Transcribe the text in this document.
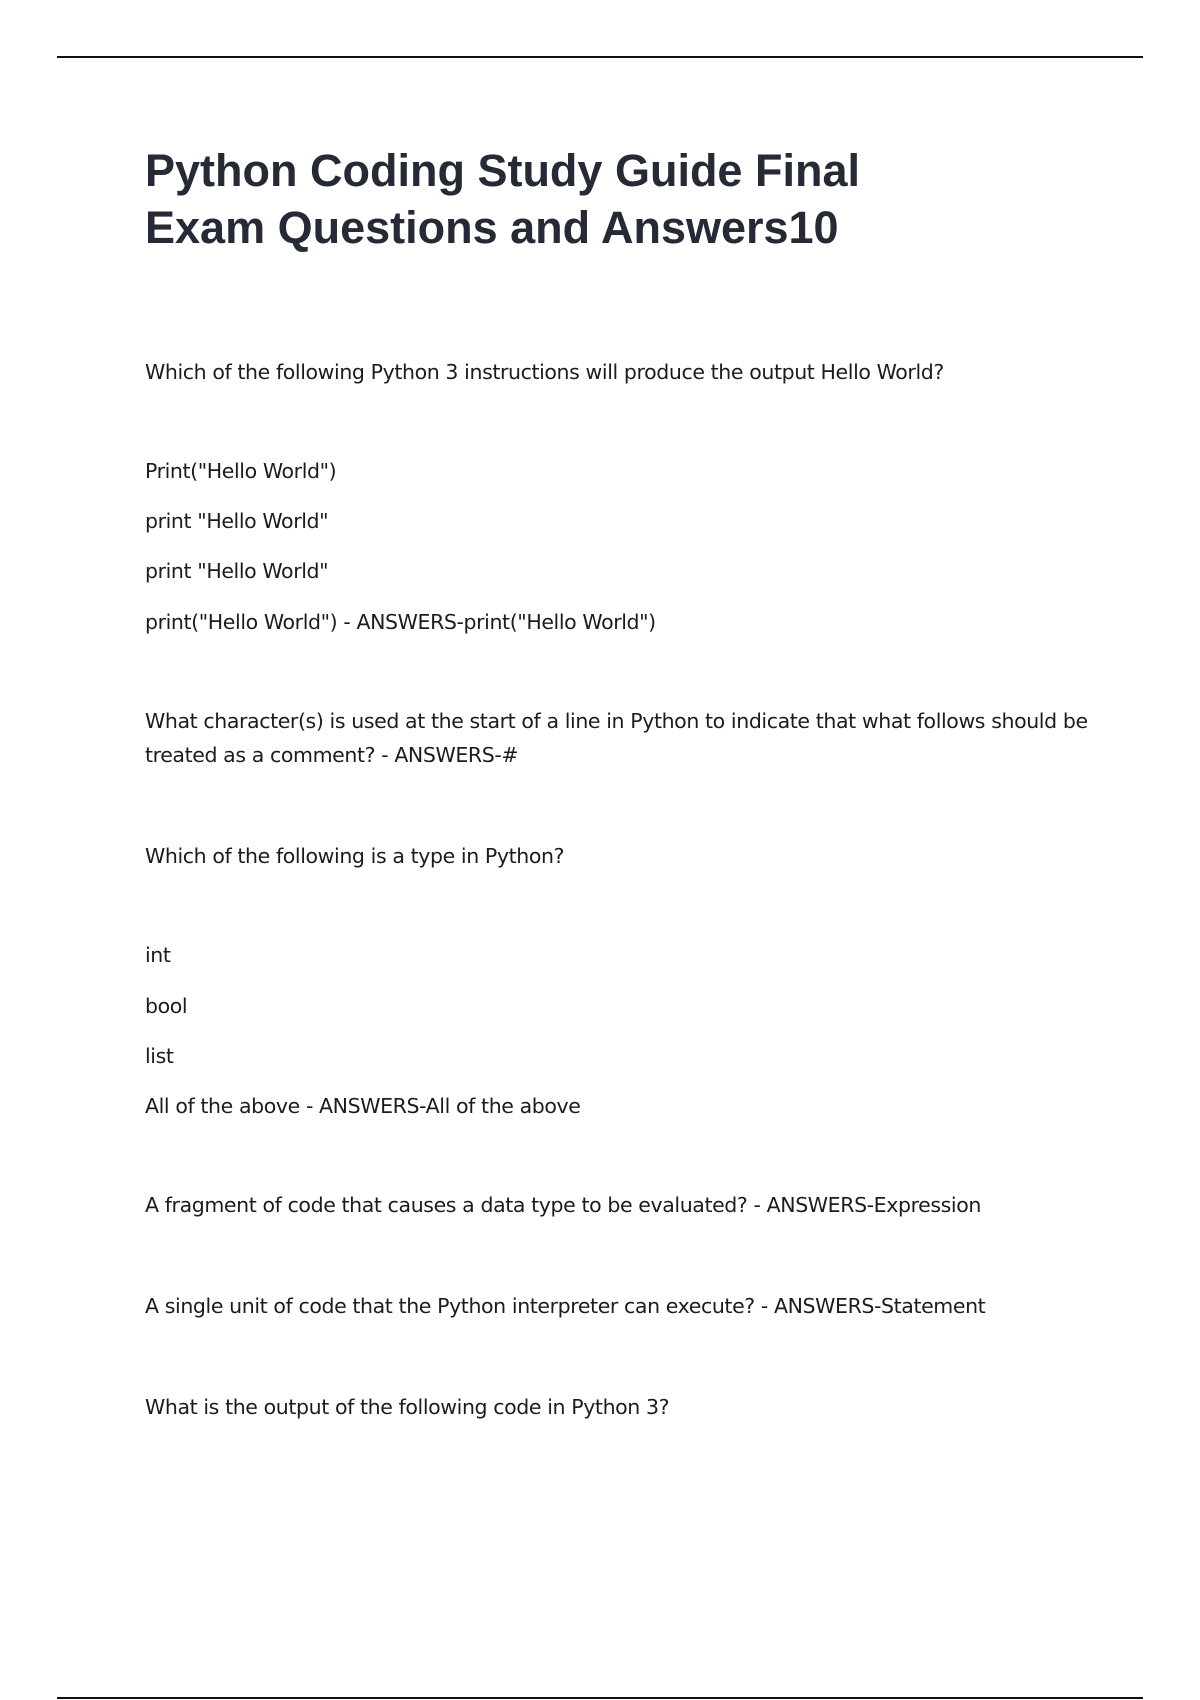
Python Coding Study Guide Final
Exam Questions and Answers10

Which of the following Python 3 instructions will produce the output Hello World?

Print("Hello World")

print "Hello World"

print "Hello World"

print("Hello World") - ANSWERS-print("Hello World")

What character(s) is used at the start of a line in Python to indicate that what follows should be

treated as a comment? - ANSWERS-#

Which of the following is a type in Python?

int

bool

list

All of the above - ANSWERS-All of the above

A fragment of code that causes a data type to be evaluated? - ANSWERS-Expression

A single unit of code that the Python interpreter can execute? - ANSWERS-Statement

What is the output of the following code in Python 3?
